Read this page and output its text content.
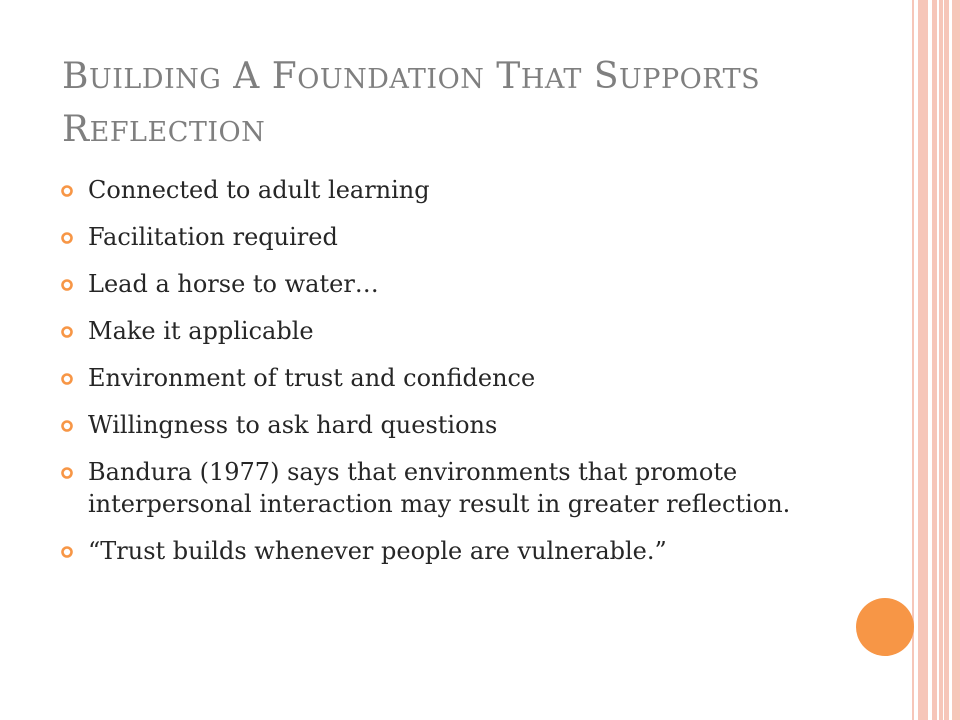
BUILDING A FOUNDATION THAT SUPPORTS REFLECTION
Connected to adult learning
Facilitation required
Lead a horse to water…
Make it applicable
Environment of trust and confidence
Willingness to ask hard questions
Bandura (1977) says that environments that promote interpersonal interaction may result in greater reflection.
“Trust builds whenever people are vulnerable.”
